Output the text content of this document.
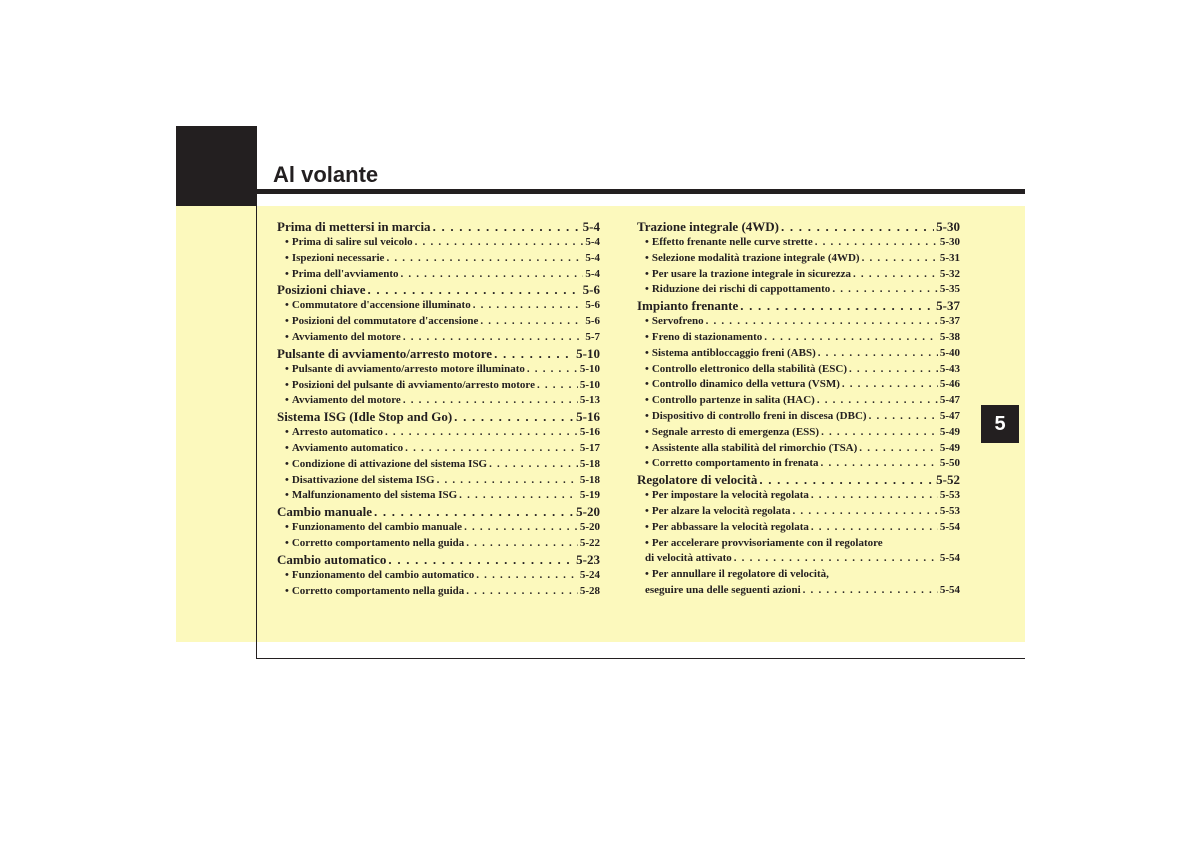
Al volante
5
Prima di mettersi in marcia . . .	5-4
• Prima di salire sul veicolo . . .	5-4
• Ispezioni necessarie . . .	5-4
• Prima dell'avviamento . . .	5-4
Posizioni chiave . . .	5-6
• Commutatore d'accensione illuminato . . .	5-6
• Posizioni del commutatore d'accensione . . .	5-6
• Avviamento del motore . . .	5-7
Pulsante di avviamento/arresto motore . . .	5-10
• Pulsante di avviamento/arresto motore illuminato . . .	5-10
• Posizioni del pulsante di avviamento/arresto motore . . .	5-10
• Avviamento del motore . . .	5-13
Sistema ISG (Idle Stop and Go) . . .	5-16
• Arresto automatico . . .	5-16
• Avviamento automatico . . .	5-17
• Condizione di attivazione del sistema ISG . . .	5-18
• Disattivazione del sistema ISG . . .	5-18
• Malfunzionamento del sistema ISG . . .	5-19
Cambio manuale . . .	5-20
• Funzionamento del cambio manuale . . .	5-20
• Corretto comportamento nella guida . . .	5-22
Cambio automatico . . .	5-23
• Funzionamento del cambio automatico . . .	5-24
• Corretto comportamento nella guida . . .	5-28
Trazione integrale (4WD) . . .	5-30
• Effetto frenante nelle curve strette . . .	5-30
• Selezione modalità trazione integrale (4WD) . . .	5-31
• Per usare la trazione integrale in sicurezza . . .	5-32
• Riduzione dei rischi di cappottamento . . .	5-35
Impianto frenante . . .	5-37
• Servofreno . . .	5-37
• Freno di stazionamento . . .	5-38
• Sistema antibloccaggio freni (ABS) . . .	5-40
• Controllo elettronico della stabilità (ESC) . . .	5-43
• Controllo dinamico della vettura (VSM) . . .	5-46
• Controllo partenze in salita (HAC) . . .	5-47
• Dispositivo di controllo freni in discesa (DBC) . . .	5-47
• Segnale arresto di emergenza (ESS) . . .	5-49
• Assistente alla stabilità del rimorchio (TSA) . . .	5-49
• Corretto comportamento in frenata . . .	5-50
Regolatore di velocità . . .	5-52
• Per impostare la velocità regolata . . .	5-53
• Per alzare la velocità regolata . . .	5-53
• Per abbassare la velocità regolata . . .	5-54
• Per accelerare provvisoriamente con il regolatore
di velocità attivato . . .	5-54
• Per annullare il regolatore di velocità,
eseguire una delle seguenti azioni . . .	5-54
